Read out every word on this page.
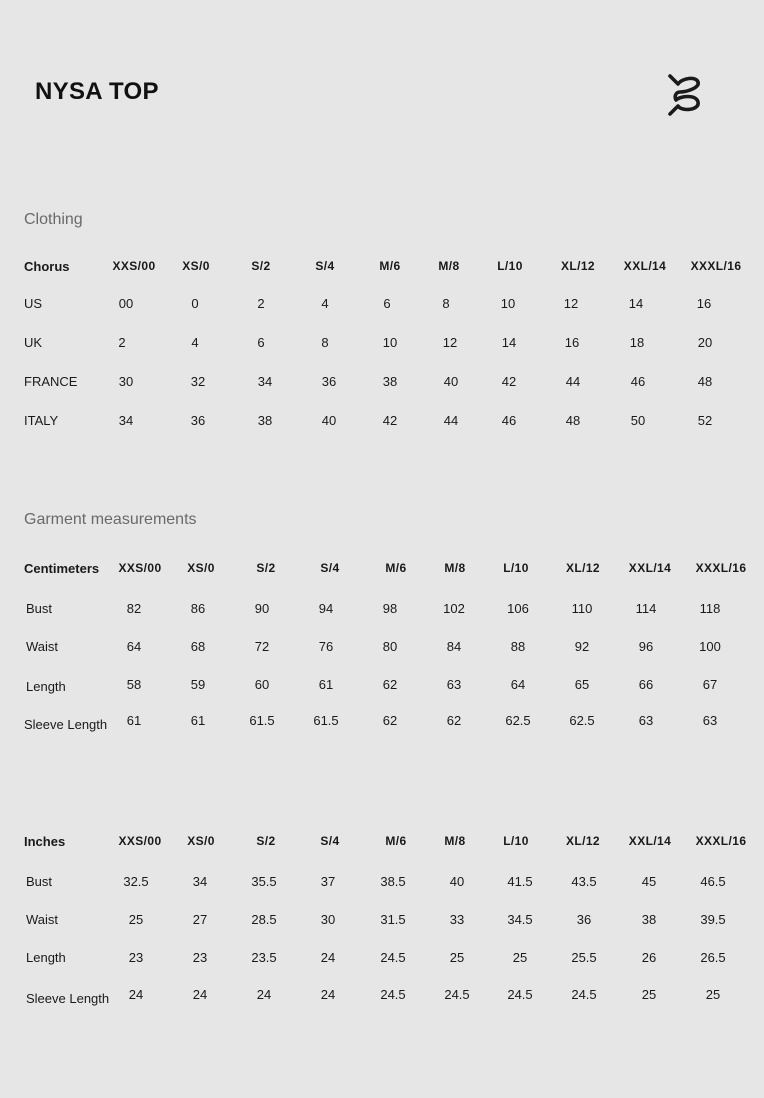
NYSA TOP
Clothing
Chorus	XXS/00 XS/0	S/2	S/4	M/6	M/8	L/10	XL/12 XXL/14 XXXL/16
US	00	0	2	4	6	8	10	12	14	16
UK	2	4	6	8	10	12	14	16	18	20
FRANCE	30	32	34	36	38	40	42	44	46	48
ITALY	34	36	38	40	42	44	46	48	50	52
Garment measurements
Centimeters XXS/00 XS/0	S/2	S/4	M/6	M/8	L/10	XL/12 XXL/14 XXXL/16
Bust	82	86	90	94	98	102	106	110	114	118
Waist	64	68	72	76	80	84	88	92	96	100
Length	58	59	60	61	62	63	64	65	66	67
Sleeve Length 61	61	61.5	61.5	62	62	62.5	62.5	63	63
Inches	XXS/00 XS/0	S/2	S/4	M/6	M/8	L/10	XL/12 XXL/14 XXXL/16
Bust	32.5	34	35.5	37	38.5	40	41.5	43.5	45	46.5
Waist	25	27	28.5	30	31.5	33	34.5	36	38	39.5
Length	23	23	23.5	24	24.5	25	25	25.5	26	26.5
Sleeve Length 24	24	24	24	24.5	24.5	24.5	24.5	25	25
